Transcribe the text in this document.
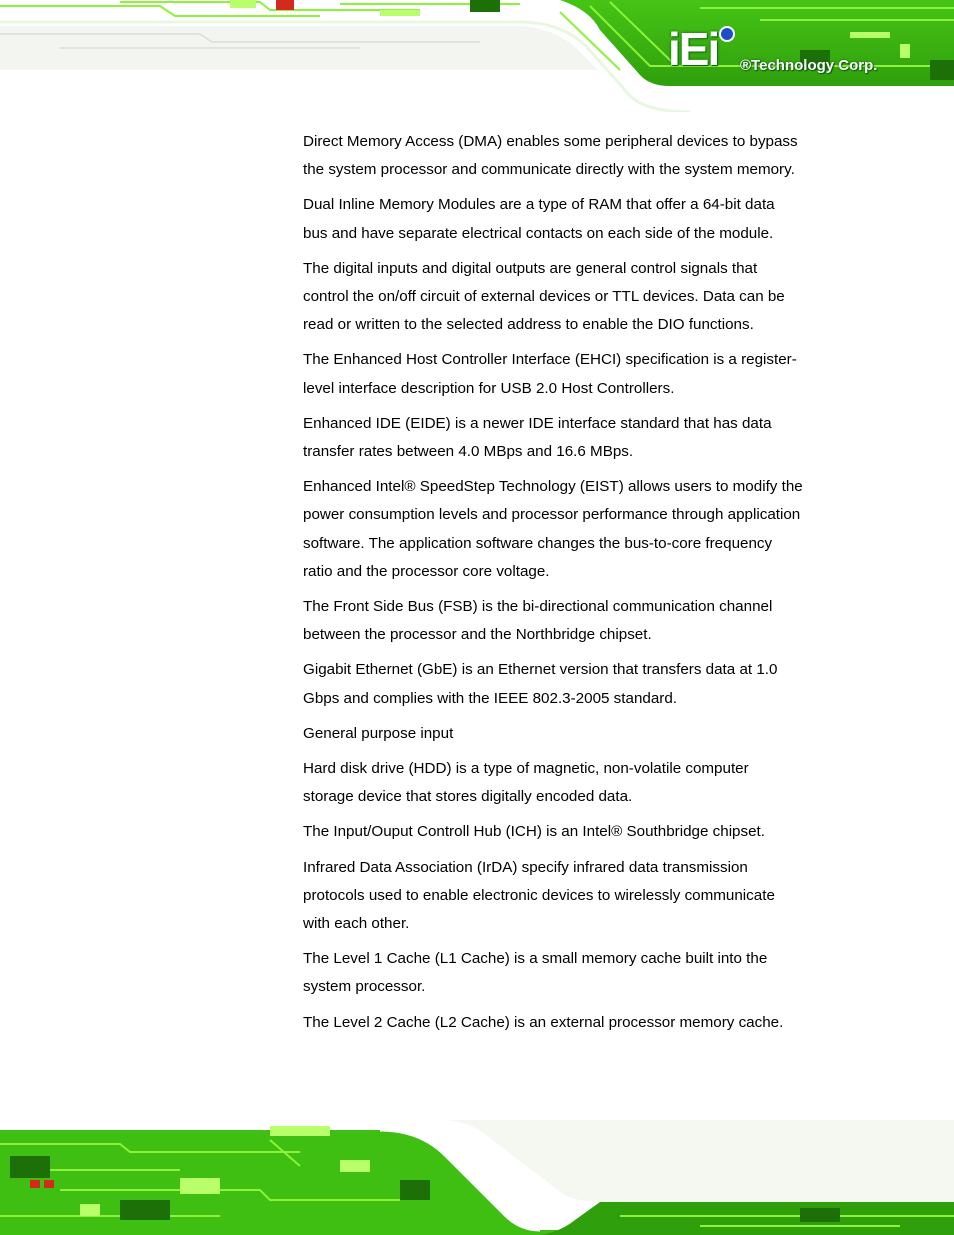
iEi ®Technology Corp.

Direct Memory Access (DMA) enables some peripheral devices to bypass the system processor and communicate directly with the system memory.

Dual Inline Memory Modules are a type of RAM that offer a 64-bit data bus and have separate electrical contacts on each side of the module.

The digital inputs and digital outputs are general control signals that control the on/off circuit of external devices or TTL devices. Data can be read or written to the selected address to enable the DIO functions.

The Enhanced Host Controller Interface (EHCI) specification is a register-level interface description for USB 2.0 Host Controllers.

Enhanced IDE (EIDE) is a newer IDE interface standard that has data transfer rates between 4.0 MBps and 16.6 MBps.

Enhanced Intel® SpeedStep Technology (EIST) allows users to modify the power consumption levels and processor performance through application software. The application software changes the bus-to-core frequency ratio and the processor core voltage.

The Front Side Bus (FSB) is the bi-directional communication channel between the processor and the Northbridge chipset.

Gigabit Ethernet (GbE) is an Ethernet version that transfers data at 1.0 Gbps and complies with the IEEE 802.3-2005 standard.

General purpose input

Hard disk drive (HDD) is a type of magnetic, non-volatile computer storage device that stores digitally encoded data.

The Input/Ouput Controll Hub (ICH) is an Intel® Southbridge chipset.

Infrared Data Association (IrDA) specify infrared data transmission protocols used to enable electronic devices to wirelessly communicate with each other.

The Level 1 Cache (L1 Cache) is a small memory cache built into the system processor.

The Level 2 Cache (L2 Cache) is an external processor memory cache.
